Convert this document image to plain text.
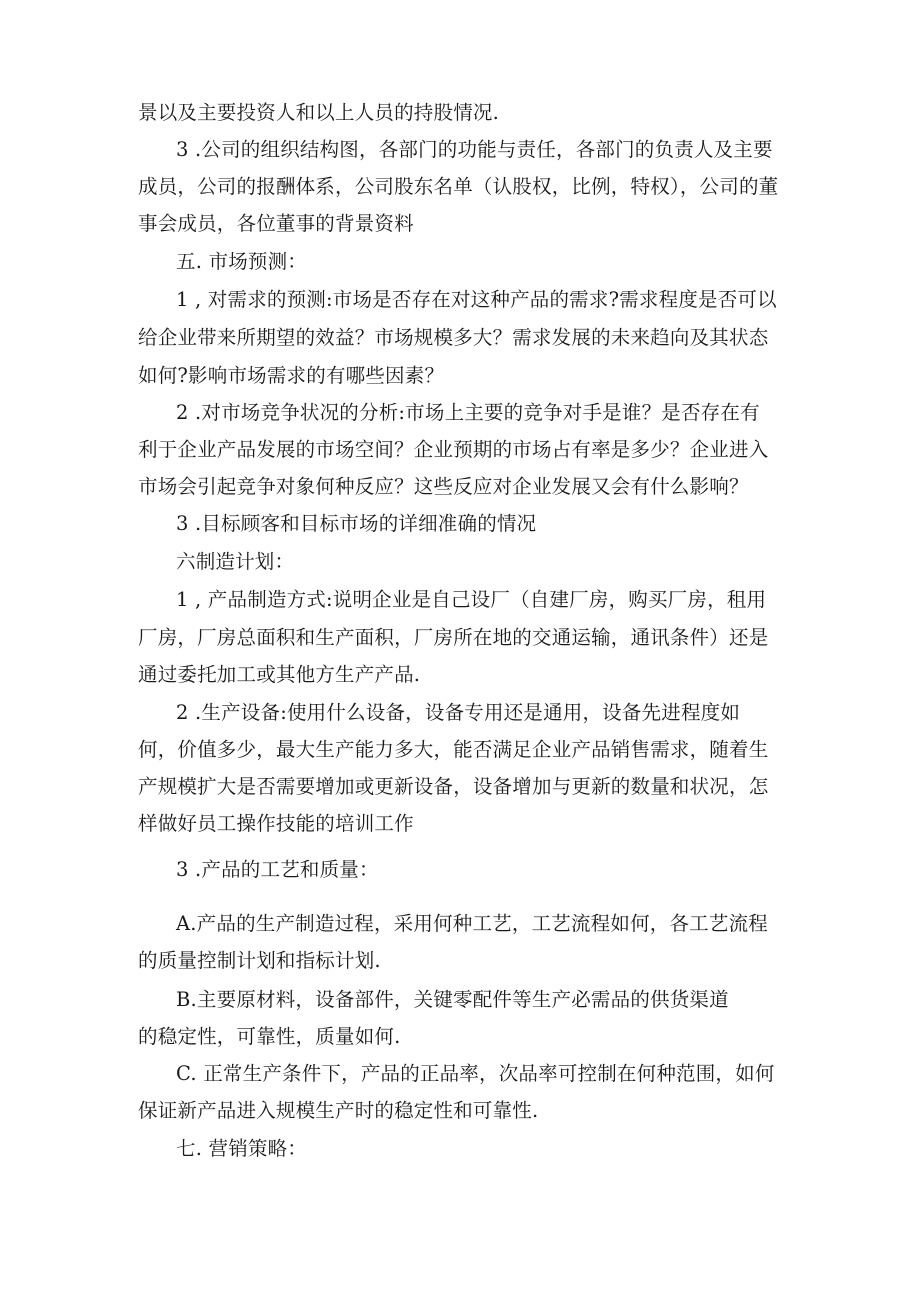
景以及主要投资人和以上人员的持股情况.
3 .公司的组织结构图，各部门的功能与责任，各部门的负责人及主要
成员，公司的报酬体系，公司股东名单（认股权，比例，特权），公司的董
事会成员，各位董事的背景资料
五. 市场预测：
1 , 对需求的预测:市场是否存在对这种产品的需求?需求程度是否可以
给企业带来所期望的效益？市场规模多大？需求发展的未来趋向及其状态
如何?影响市场需求的有哪些因素？
2 .对市场竞争状况的分析:市场上主要的竞争对手是谁？是否存在有
利于企业产品发展的市场空间？企业预期的市场占有率是多少？企业进入
市场会引起竞争对象何种反应？这些反应对企业发展又会有什么影响？
3 .目标顾客和目标市场的详细准确的情况
六制造计划：
1 , 产品制造方式:说明企业是自己设厂（自建厂房，购买厂房，租用
厂房，厂房总面积和生产面积，厂房所在地的交通运输，通讯条件）还是
通过委托加工或其他方生产产品.
2 .生产设备:使用什么设备，设备专用还是通用，设备先进程度如
何，价值多少，最大生产能力多大，能否满足企业产品销售需求，随着生
产规模扩大是否需要增加或更新设备，设备增加与更新的数量和状况，怎
样做好员工操作技能的培训工作
3 .产品的工艺和质量：
A.产品的生产制造过程，采用何种工艺，工艺流程如何，各工艺流程
的质量控制计划和指标计划.
B.主要原材料，设备部件，关键零配件等生产必需品的供货渠道
的稳定性，可靠性，质量如何.
C. 正常生产条件下，产品的正品率，次品率可控制在何种范围，如何
保证新产品进入规模生产时的稳定性和可靠性.
七. 营销策略：
